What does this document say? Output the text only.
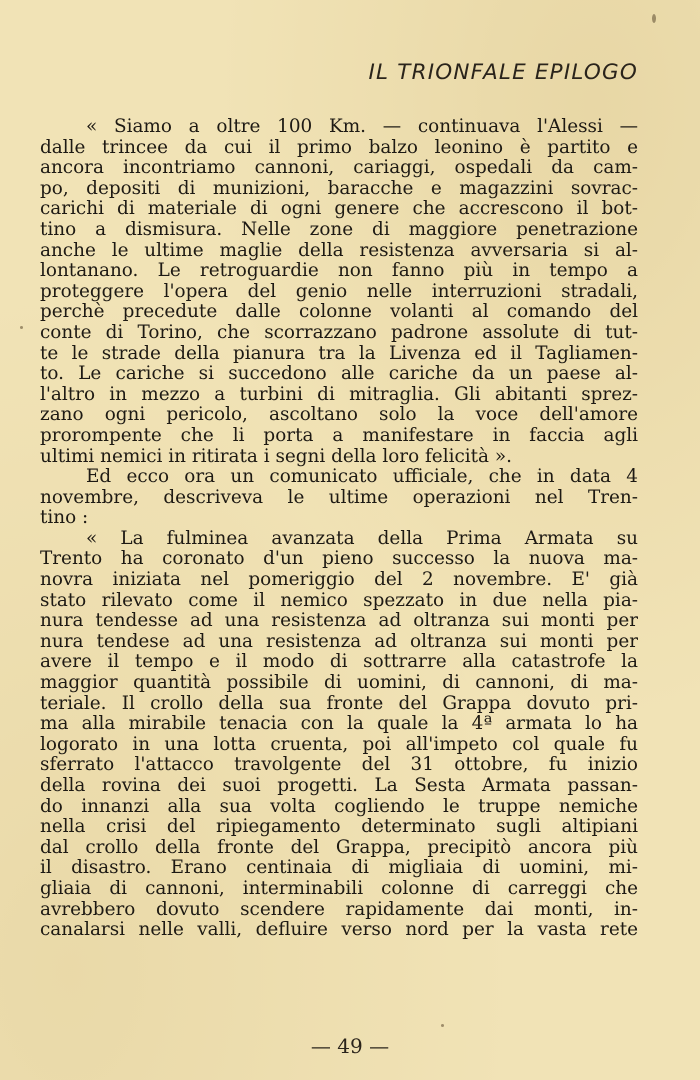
IL TRIONFALE EPILOGO
« Siamo a oltre 100 Km. — continuava l'Alessi —
dalle trincee da cui il primo balzo leonino è partito e
ancora incontriamo cannoni, cariaggi, ospedali da cam-
po, depositi di munizioni, baracche e magazzini sovrac-
carichi di materiale di ogni genere che accrescono il bot-
tino a dismisura. Nelle zone di maggiore penetrazione
anche le ultime maglie della resistenza avversaria si al-
lontanano. Le retroguardie non fanno più in tempo a
proteggere l'opera del genio nelle interruzioni stradali,
perchè precedute dalle colonne volanti al comando del
conte di Torino, che scorrazzano padrone assolute di tut-
te le strade della pianura tra la Livenza ed il Tagliamen-
to. Le cariche si succedono alle cariche da un paese al-
l'altro in mezzo a turbini di mitraglia. Gli abitanti sprez-
zano ogni pericolo, ascoltano solo la voce dell'amore
prorompente che li porta a manifestare in faccia agli
ultimi nemici in ritirata i segni della loro felicità ».
Ed ecco ora un comunicato ufficiale, che in data 4
novembre, descriveva le ultime operazioni nel Tren-
tino :
« La fulminea avanzata della Prima Armata su
Trento ha coronato d'un pieno successo la nuova ma-
novra iniziata nel pomeriggio del 2 novembre. E' già
stato rilevato come il nemico spezzato in due nella pia-
nura tendesse ad una resistenza ad oltranza sui monti per
nura tendese ad una resistenza ad oltranza sui monti per
avere il tempo e il modo di sottrarre alla catastrofe la
maggior quantità possibile di uomini, di cannoni, di ma-
teriale. Il crollo della sua fronte del Grappa dovuto pri-
ma alla mirabile tenacia con la quale la 4ª armata lo ha
logorato in una lotta cruenta, poi all'impeto col quale fu
sferrato l'attacco travolgente del 31 ottobre, fu inizio
della rovina dei suoi progetti. La Sesta Armata passan-
do innanzi alla sua volta cogliendo le truppe nemiche
nella crisi del ripiegamento determinato sugli altipiani
dal crollo della fronte del Grappa, precipitò ancora più
il disastro. Erano centinaia di migliaia di uomini, mi-
gliaia di cannoni, interminabili colonne di carreggi che
avrebbero dovuto scendere rapidamente dai monti, in-
canalarsi nelle valli, defluire verso nord per la vasta rete
— 49 —
